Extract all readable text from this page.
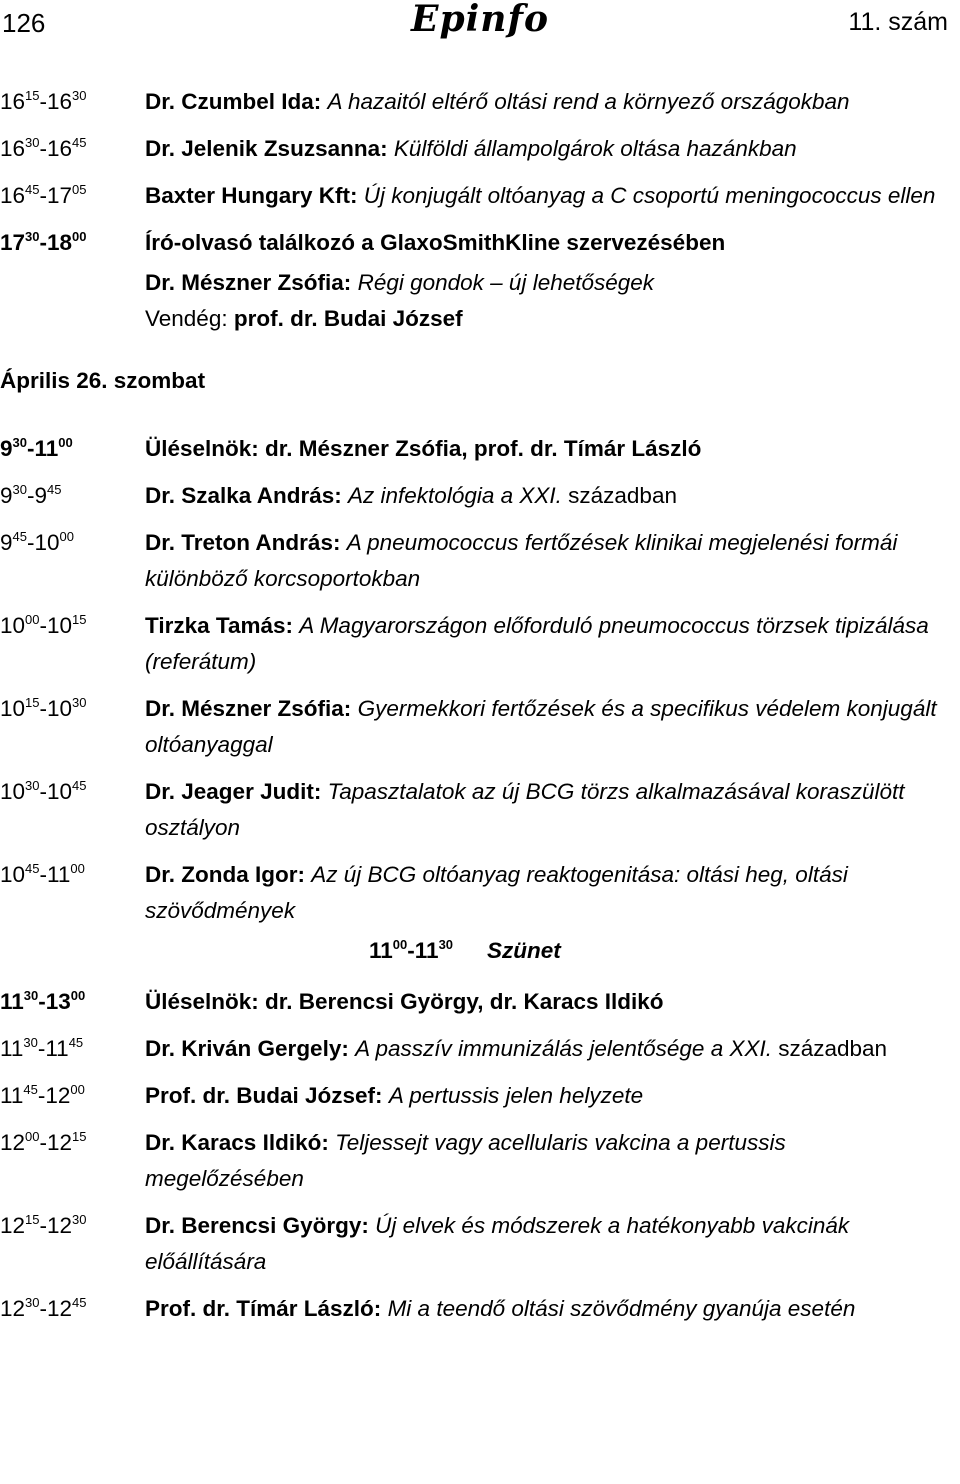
126	Epinfo	11. szám
$16^{15}-16^{30}$	Dr. Czumbel Ida: A hazaitól eltérő oltási rend a környező országokban
$16^{30}-16^{45}$	Dr. Jelenik Zsuzsanna: Külföldi állampolgárok oltása hazánkban
$16^{45}-17^{05}$	Baxter Hungary Kft: Új konjugált oltóanyag a C csoportú meningococcus ellen
$17^{30}-18^{00}$	Író-olvasó találkozó a GlaxoSmithKline szervezésében
Dr. Mészner Zsófia: Régi gondok – új lehetőségek
Vendég: prof. dr. Budai József
Április 26. szombat
$9^{30}-11^{00}$	Üléselnök: dr. Mészner Zsófia, prof. dr. Tímár László
$9^{30}-9^{45}$	Dr. Szalka András: Az infektológia a XXI. században
$9^{45}-10^{00}$	Dr. Treton András: A pneumococcus fertőzések klinikai megjelenési formái különböző korcsoportokban
$10^{00}-10^{15}$	Tirzka Tamás: A Magyarországon előforduló pneumococcus törzsek tipizálása (referátum)
$10^{15}-10^{30}$	Dr. Mészner Zsófia: Gyermekkori fertőzések és a specifikus védelem konjugált oltóanyaggal
$10^{30}-10^{45}$	Dr. Jeager Judit: Tapasztalatok az új BCG törzs alkalmazásával koraszülött osztályon
$10^{45}-11^{00}$	Dr. Zonda Igor: Az új BCG oltóanyag reaktogenitása: oltási heg, oltási szövődmények
$11^{00}-11^{30}$ Szünet
$11^{30}-13^{00}$	Üléselnök: dr. Berencsi György, dr. Karacs Ildikó
$11^{30}-11^{45}$	Dr. Kriván Gergely: A passzív immunizálás jelentősége a XXI. században
$11^{45}-12^{00}$	Prof. dr. Budai József: A pertussis jelen helyzete
$12^{00}-12^{15}$	Dr. Karacs Ildikó: Teljessejt vagy acellularis vakcina a pertussis megelőzésében
$12^{15}-12^{30}$	Dr. Berencsi György: Új elvek és módszerek a hatékonyabb vakcinák előállítására
$12^{30}-12^{45}$	Prof. dr. Tímár László: Mi a teendő oltási szövődmény gyanúja esetén
